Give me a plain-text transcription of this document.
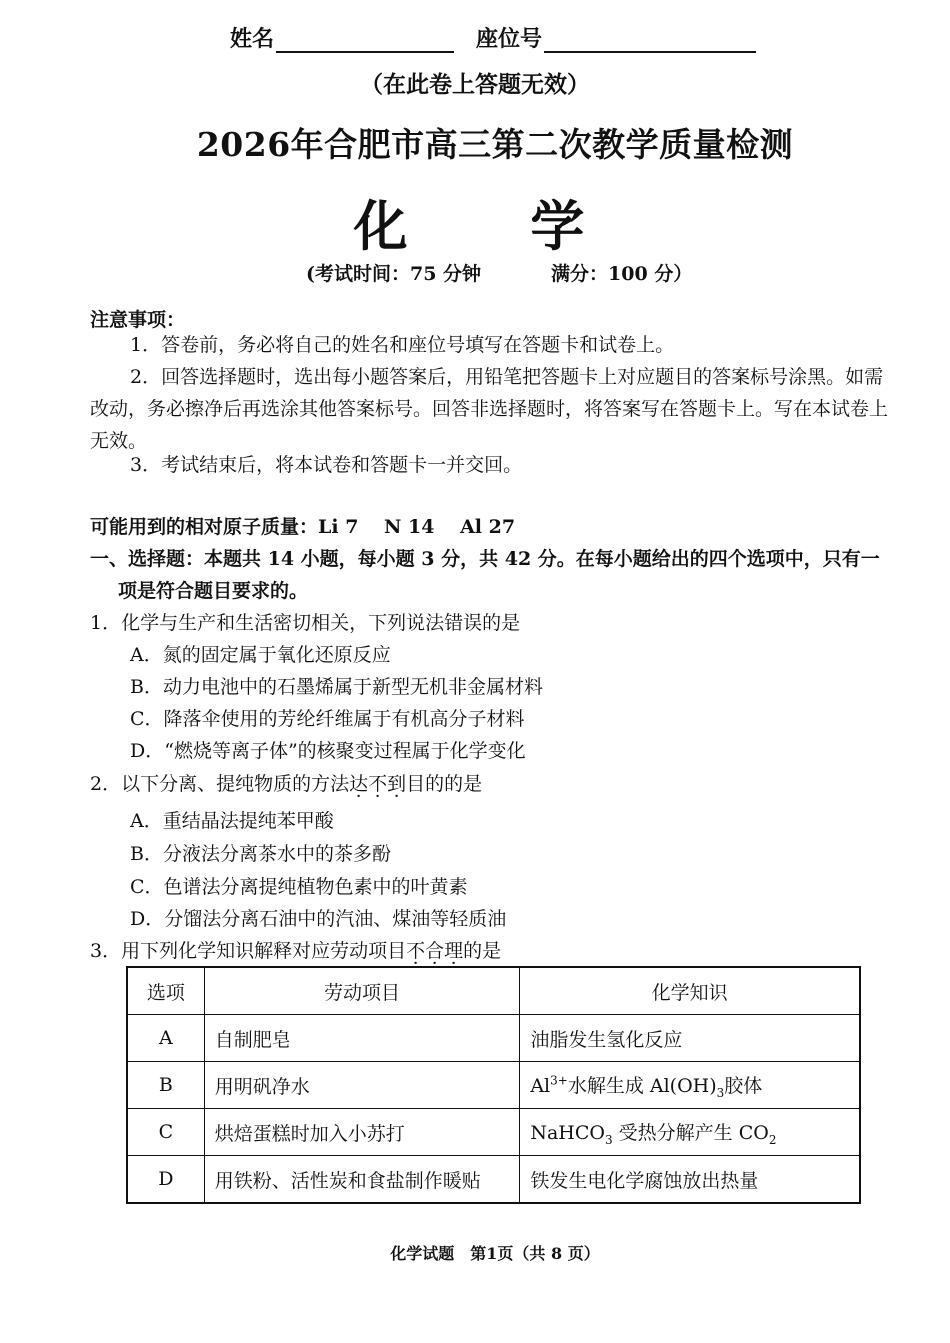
姓名	座位号
（在此卷上答题无效）
2026年合肥市高三第二次教学质量检测
化 学
(考试时间：75 分钟	满分：100 分）
注意事项：
1．答卷前，务必将自己的姓名和座位号填写在答题卡和试卷上。
2．回答选择题时，选出每小题答案后，用铅笔把答题卡上对应题目的答案标号涂黑。如需改动，务必擦净后再选涂其他答案标号。回答非选择题时，将答案写在答题卡上。写在本试卷上无效。
3．考试结束后，将本试卷和答题卡一并交回。
可能用到的相对原子质量：Li 7　 N 14　 Al 27
一、选择题：本题共 14 小题，每小题 3 分，共 42 分。在每小题给出的四个选项中，只有一
项是符合题目要求的。
1．化学与生产和生活密切相关，下列说法错误的是
A．氮的固定属于氧化还原反应
B．动力电池中的石墨烯属于新型无机非金属材料
C．降落伞使用的芳纶纤维属于有机高分子材料
D．“燃烧等离子体”的核聚变过程属于化学变化
2．以下分离、提纯物质的方法达不到目的的是
A．重结晶法提纯苯甲酸
B．分液法分离茶水中的茶多酚
C．色谱法分离提纯植物色素中的叶黄素
D．分馏法分离石油中的汽油、煤油等轻质油
3．用下列化学知识解释对应劳动项目不合理的是
选项	劳动项目	化学知识
A	自制肥皂	油脂发生氢化反应
B	用明矾净水	$Al^{3+}$水解生成 $Al(OH)_3$胶体
C	烘焙蛋糕时加入小苏打	NaHCO$_3$ 受热分解产生 $CO_2$
D	用铁粉、活性炭和食盐制作暖贴	铁发生电化学腐蚀放出热量
化学试题　第1页（共 8 页）
